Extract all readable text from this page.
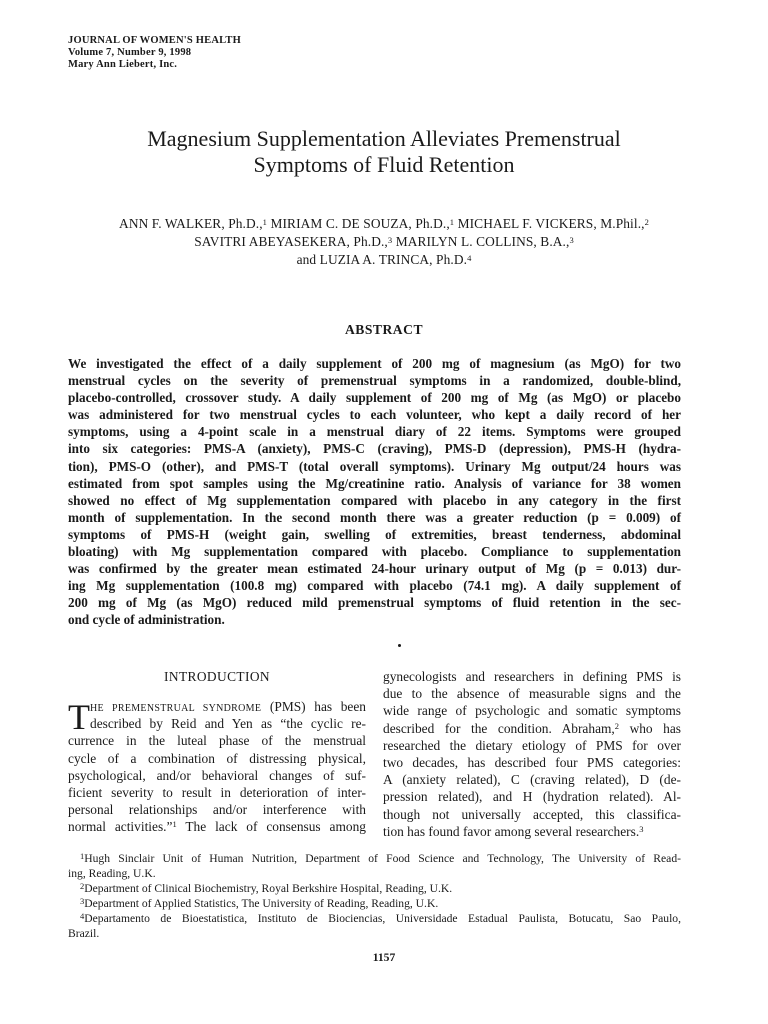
JOURNAL OF WOMEN'S HEALTH
Volume 7, Number 9, 1998
Mary Ann Liebert, Inc.
Magnesium Supplementation Alleviates Premenstrual
Symptoms of Fluid Retention
ANN F. WALKER, Ph.D.,$^1$ MIRIAM C. DE SOUZA, Ph.D.,$^1$ MICHAEL F. VICKERS, M.Phil.,$^2$
SAVITRI ABEYASEKERA, Ph.D.,$^3$ MARILYN L. COLLINS, B.A.,$^3$
and LUZIA A. TRINCA, Ph.D.$^4$
ABSTRACT
We investigated the effect of a daily supplement of 200 mg of magnesium (as MgO) for two
menstrual cycles on the severity of premenstrual symptoms in a randomized, double-blind,
placebo-controlled, crossover study. A daily supplement of 200 mg of Mg (as MgO) or placebo
was administered for two menstrual cycles to each volunteer, who kept a daily record of her
symptoms, using a 4-point scale in a menstrual diary of 22 items. Symptoms were grouped
into six categories: PMS-A (anxiety), PMS-C (craving), PMS-D (depression), PMS-H (hydra-
tion), PMS-O (other), and PMS-T (total overall symptoms). Urinary Mg output/24 hours was
estimated from spot samples using the Mg/creatinine ratio. Analysis of variance for 38 women
showed no effect of Mg supplementation compared with placebo in any category in the first
month of supplementation. In the second month there was a greater reduction (p = 0.009) of
symptoms of PMS-H (weight gain, swelling of extremities, breast tenderness, abdominal
bloating) with Mg supplementation compared with placebo. Compliance to supplementation
was confirmed by the greater mean estimated 24-hour urinary output of Mg (p = 0.013) dur-
ing Mg supplementation (100.8 mg) compared with placebo (74.1 mg). A daily supplement of
200 mg of Mg (as MgO) reduced mild premenstrual symptoms of fluid retention in the sec-
ond cycle of administration.
INTRODUCTION
T HE PREMENSTRUAL SYNDROME (PMS) has been
described by Reid and Yen as “the cyclic re-
currence in the luteal phase of the menstrual
cycle of a combination of distressing physical,
psychological, and/or behavioral changes of suf-
ficient severity to result in deterioration of inter-
personal relationships and/or interference with
normal activities.”$^1$ The lack of consensus among
gynecologists and researchers in defining PMS is
due to the absence of measurable signs and the
wide range of psychologic and somatic symptoms
described for the condition. Abraham,$^2$ who has
researched the dietary etiology of PMS for over
two decades, has described four PMS categories:
A (anxiety related), C (craving related), D (de-
pression related), and H (hydration related). Al-
though not universally accepted, this classifica-
tion has found favor among several researchers.$^3$
$^1$Hugh Sinclair Unit of Human Nutrition, Department of Food Science and Technology, The University of Read-
ing, Reading, U.K.
$^2$Department of Clinical Biochemistry, Royal Berkshire Hospital, Reading, U.K.
$^3$Department of Applied Statistics, The University of Reading, Reading, U.K.
$^4$Departamento de Bioestatistica, Instituto de Biociencias, Universidade Estadual Paulista, Botucatu, Sao Paulo,
Brazil.
1157
